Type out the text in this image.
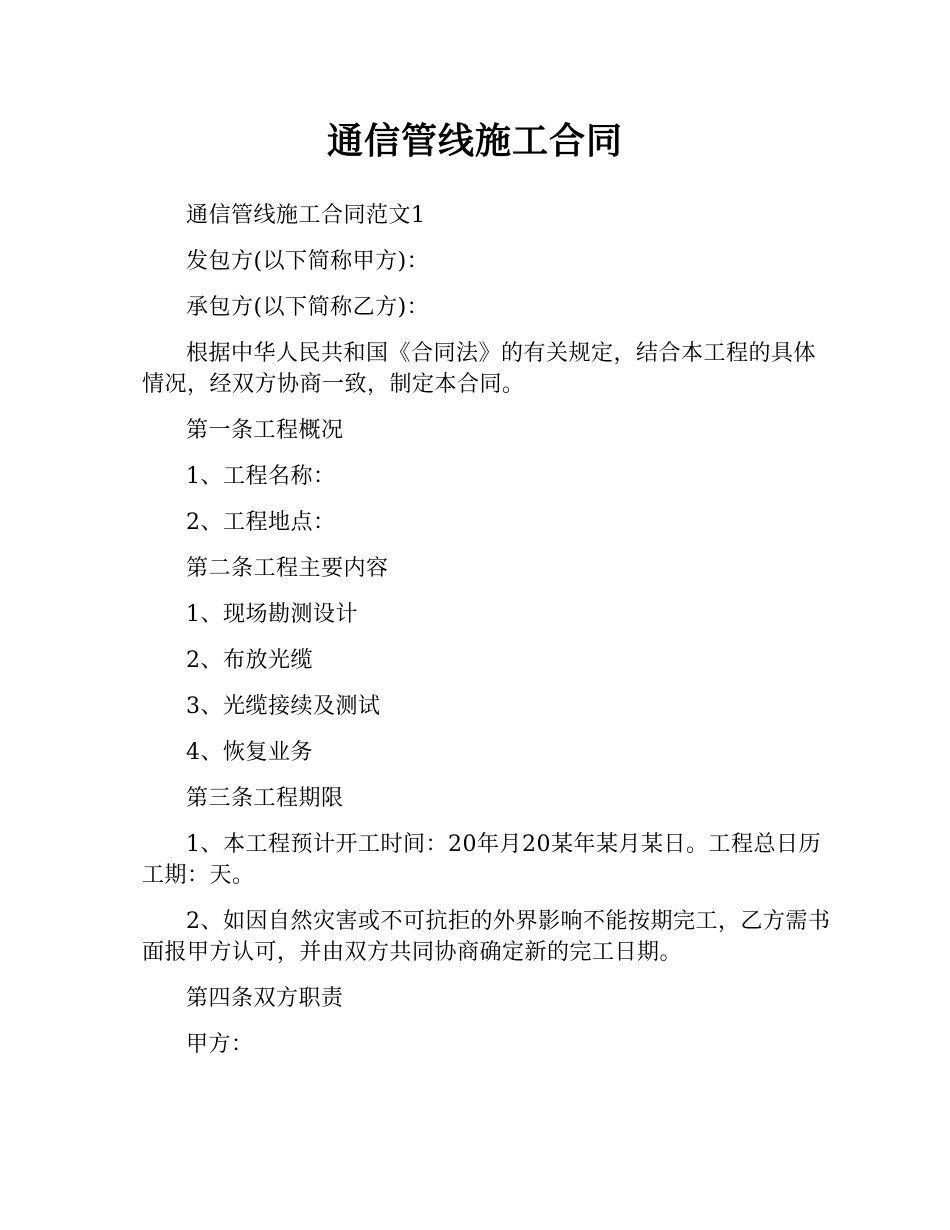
通信管线施工合同

通信管线施工合同范文1

发包方(以下简称甲方)：

承包方(以下简称乙方)：

根据中华人民共和国《合同法》的有关规定，结合本工程的具体情况，经双方协商一致，制定本合同。

第一条工程概况

1、工程名称：

2、工程地点：

第二条工程主要内容

1、现场勘测设计

2、布放光缆

3、光缆接续及测试

4、恢复业务

第三条工程期限

1、本工程预计开工时间：20年月20某年某月某日。工程总日历工期：天。

2、如因自然灾害或不可抗拒的外界影响不能按期完工，乙方需书面报甲方认可，并由双方共同协商确定新的完工日期。

第四条双方职责

甲方：
